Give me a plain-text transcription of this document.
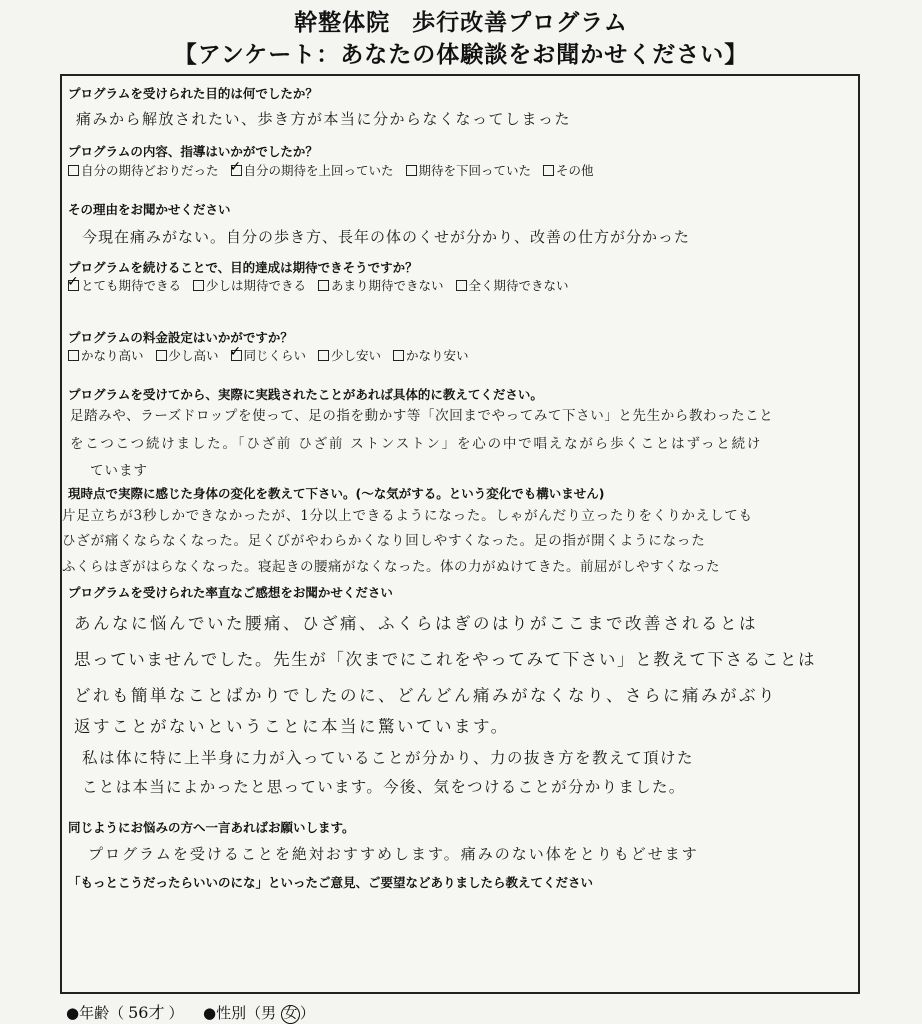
幹整体院 歩行改善プログラム
【アンケート：あなたの体験談をお聞かせください】
プログラムを受けられた目的は何でしたか？
痛みから解放されたい、歩き方が本当に分からなくなってしまった
プログラムの内容、指導はいかがでしたか？
自分の期待どおりだった ✓ 自分の期待を上回っていた 期待を下回っていた その他
その理由をお聞かせください
今現在痛みがない。自分の歩き方、長年の体のくせが分かり、改善の仕方が分かった
プログラムを続けることで、目的達成は期待できそうですか？
✓とても期待できる 少しは期待できる あまり期待できない 全く期待できない
プログラムの料金設定はいかがですか？
かなり高い 少し高い ✓ 同じくらい 少し安い かなり安い
プログラムを受けてから、実際に実践されたことがあれば具体的に教えてください。
足踏みや、ラーズドロップを使って、足の指を動かす等「次回までやってみて下さい」と先生から教わったこと
をこつこつ続けました。「ひざ前 ひざ前 ストンストン」を心の中で唱えながら歩くことはずっと続け
ています
現時点で実際に感じた身体の変化を教えて下さい。(～な気がする。という変化でも構いません)
片足立ちが3秒しかできなかったが、1分以上できるようになった。しゃがんだり立ったりをくりかえしても
ひざが痛くならなくなった。足くびがやわらかくなり回しやすくなった。足の指が開くようになった
ふくらはぎがはらなくなった。寝起きの腰痛がなくなった。体の力がぬけてきた。前屈がしやすくなった
プログラムを受けられた率直なご感想をお聞かせください
あんなに悩んでいた腰痛、ひざ痛、ふくらはぎのはりがここまで改善されるとは
思っていませんでした。先生が「次までにこれをやってみて下さい」と教えて下さることは
どれも簡単なことばかりでしたのに、どんどん痛みがなくなり、さらに痛みがぶり
返すことがないということに本当に驚いています。
私は体に特に上半身に力が入っていることが分かり、力の抜き方を教えて頂けた
ことは本当によかったと思っています。今後、気をつけることが分かりました。
同じようにお悩みの方へ一言あればお願いします。
プログラムを受けることを絶対おすすめします。痛みのない体をとりもどせます
「もっとこうだったらいいのにな」といったご意見、ご要望などありましたら教えてください
●年齢（ 56才 ） ●性別（男 女 ）
